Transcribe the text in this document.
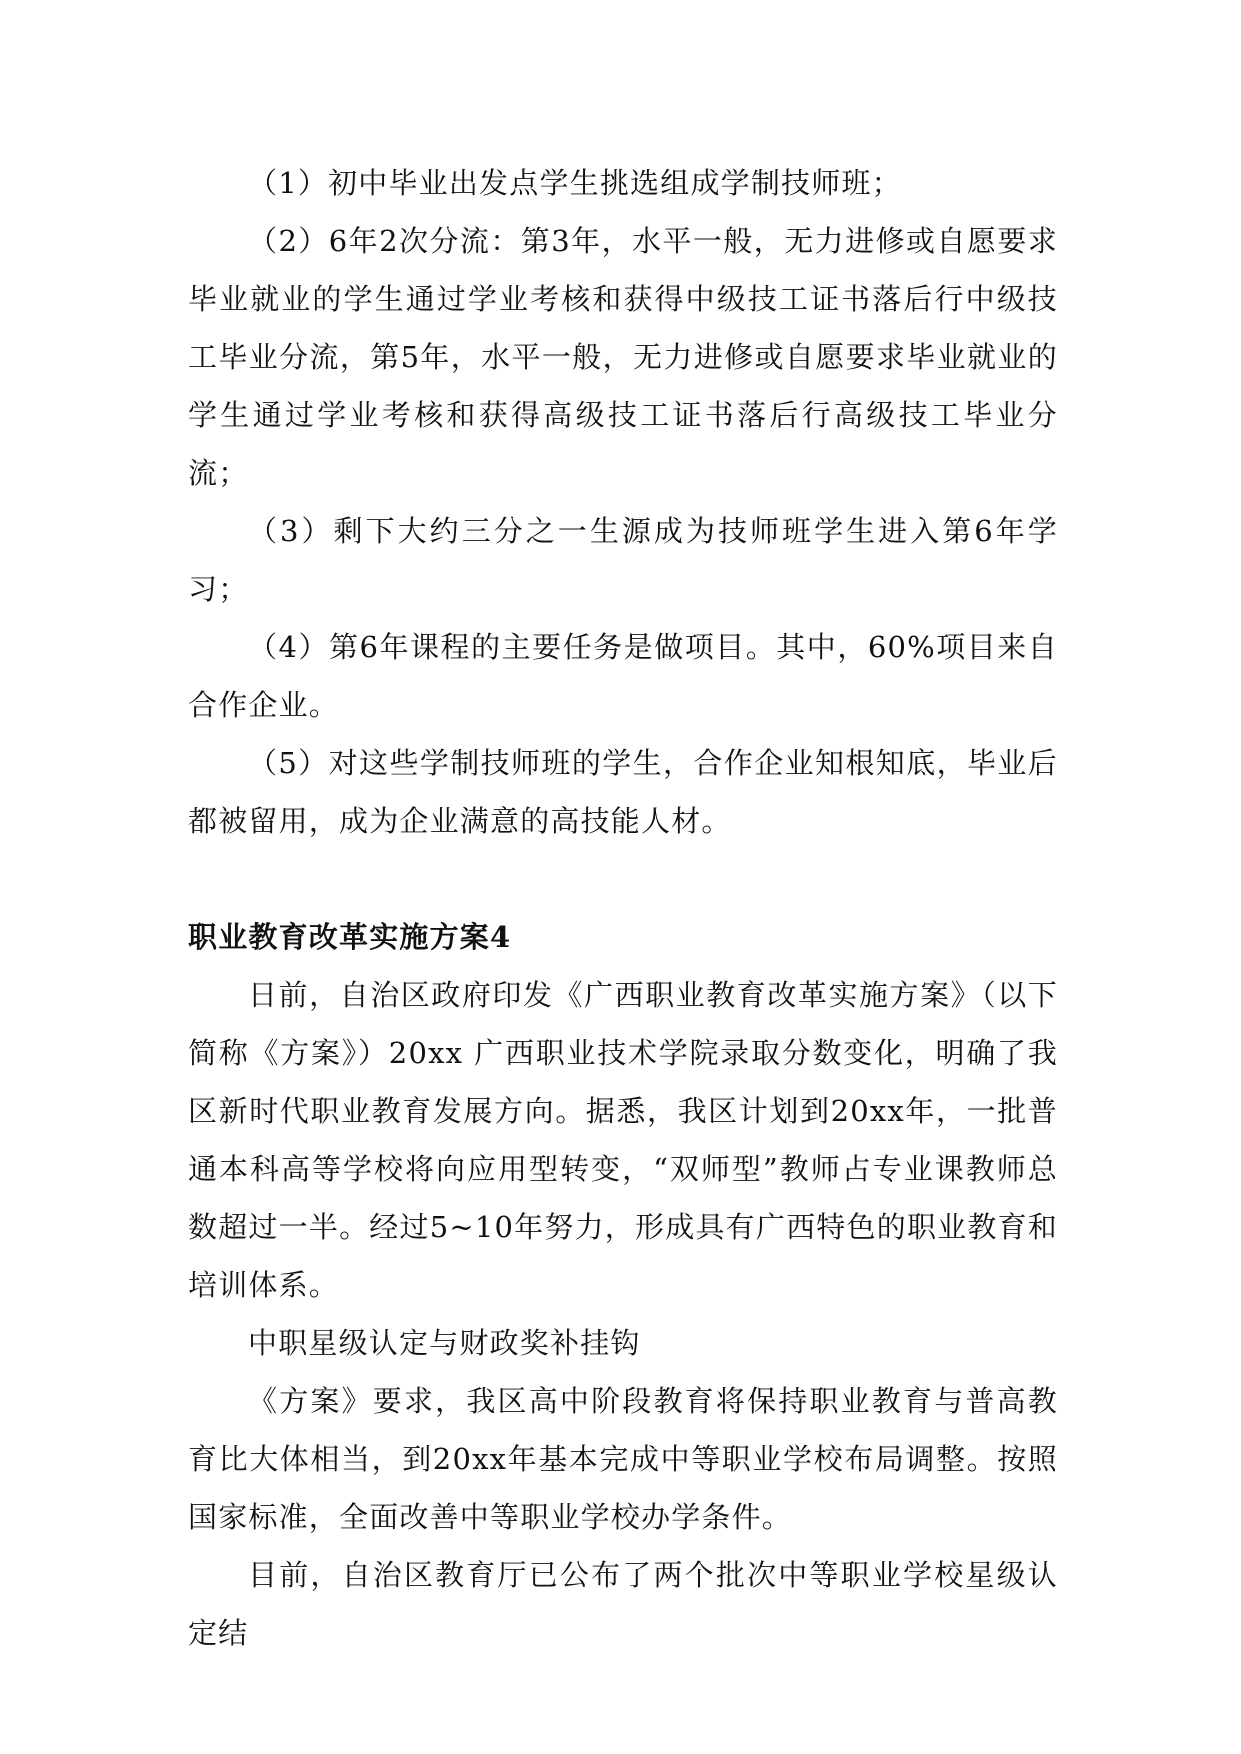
（1）初中毕业出发点学生挑选组成学制技师班；

（2）6年2次分流：第3年，水平一般，无力进修或自愿要求毕业就业的学生通过学业考核和获得中级技工证书落后行中级技工毕业分流，第5年，水平一般，无力进修或自愿要求毕业就业的学生通过学业考核和获得高级技工证书落后行高级技工毕业分流；

（3）剩下大约三分之一生源成为技师班学生进入第6年学习；

（4）第6年课程的主要任务是做项目。其中，60%项目来自合作企业。

（5）对这些学制技师班的学生，合作企业知根知底，毕业后都被留用，成为企业满意的高技能人材。

职业教育改革实施方案4

日前，自治区政府印发《广西职业教育改革实施方案》（以下简称《方案》）20xx 广西职业技术学院录取分数变化，明确了我区新时代职业教育发展方向。据悉，我区计划到20xx年，一批普通本科高等学校将向应用型转变，“双师型”教师占专业课教师总数超过一半。经过5~10年努力，形成具有广西特色的职业教育和培训体系。

中职星级认定与财政奖补挂钩

《方案》要求，我区高中阶段教育将保持职业教育与普高教育比大体相当，到20xx年基本完成中等职业学校布局调整。按照国家标准，全面改善中等职业学校办学条件。

目前，自治区教育厅已公布了两个批次中等职业学校星级认定结
